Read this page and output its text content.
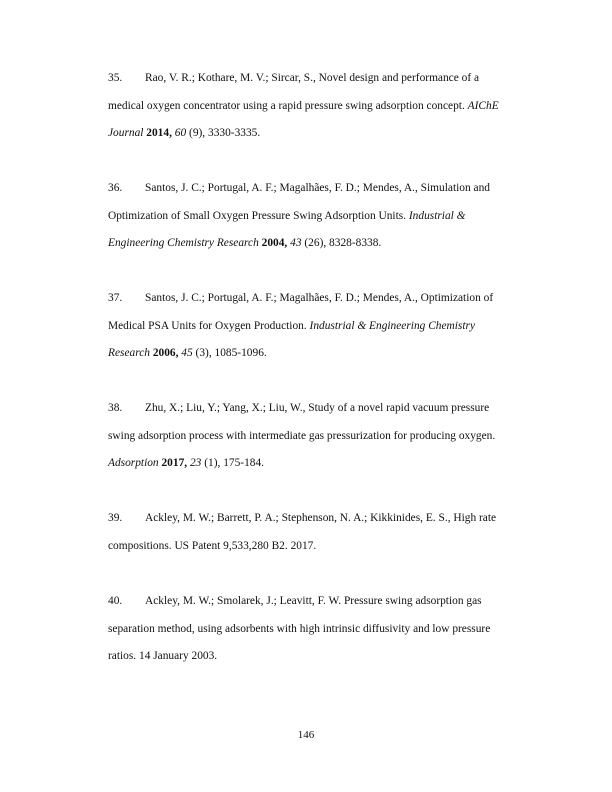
35. Rao, V. R.; Kothare, M. V.; Sircar, S., Novel design and performance of a
medical oxygen concentrator using a rapid pressure swing adsorption concept. AIChE
Journal 2014, 60 (9), 3330-3335.
36. Santos, J. C.; Portugal, A. F.; Magalhães, F. D.; Mendes, A., Simulation and
Optimization of Small Oxygen Pressure Swing Adsorption Units. Industrial &
Engineering Chemistry Research 2004, 43 (26), 8328-8338.
37. Santos, J. C.; Portugal, A. F.; Magalhães, F. D.; Mendes, A., Optimization of
Medical PSA Units for Oxygen Production. Industrial & Engineering Chemistry
Research 2006, 45 (3), 1085-1096.
38. Zhu, X.; Liu, Y.; Yang, X.; Liu, W., Study of a novel rapid vacuum pressure
swing adsorption process with intermediate gas pressurization for producing oxygen.
Adsorption 2017, 23 (1), 175-184.
39. Ackley, M. W.; Barrett, P. A.; Stephenson, N. A.; Kikkinides, E. S., High rate
compositions. US Patent 9,533,280 B2. 2017.
40. Ackley, M. W.; Smolarek, J.; Leavitt, F. W. Pressure swing adsorption gas
separation method, using adsorbents with high intrinsic diffusivity and low pressure
ratios. 14 January 2003.
146
